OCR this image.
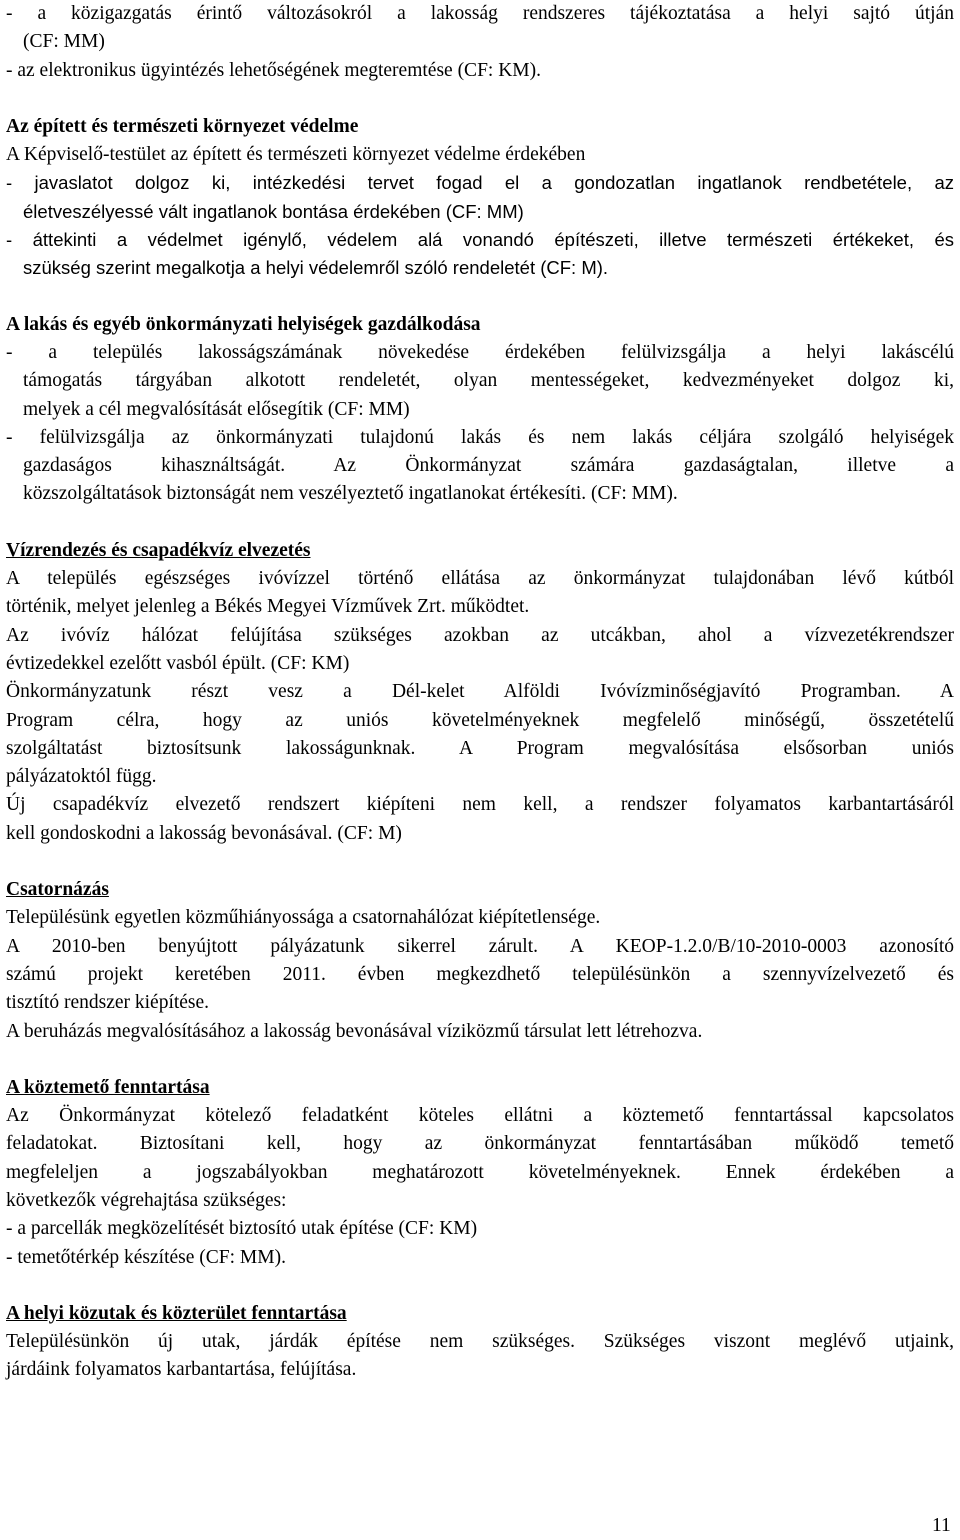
- a közigazgatás érintő változásokról a lakosság rendszeres tájékoztatása a helyi sajtó útján
(CF: MM)
- az elektronikus ügyintézés lehetőségének megteremtése (CF: KM).
Az épített és természeti környezet védelme
A Képviselő-testület az épített és természeti környezet védelme érdekében
- javaslatot dolgoz ki, intézkedési tervet fogad el a gondozatlan ingatlanok rendbetétele, az
életveszélyessé vált ingatlanok bontása érdekében (CF: MM)
- áttekinti a védelmet igénylő, védelem alá vonandó építészeti, illetve természeti értékeket, és
szükség szerint megalkotja a helyi védelemről szóló rendeletét (CF: M).
A lakás és egyéb önkormányzati helyiségek gazdálkodása
- a település lakosságszámának növekedése érdekében felülvizsgálja a helyi lakáscélú
támogatás tárgyában alkotott rendeletét, olyan mentességeket, kedvezményeket dolgoz ki,
melyek a cél megvalósítását elősegítik (CF: MM)
- felülvizsgálja az önkormányzati tulajdonú lakás és nem lakás céljára szolgáló helyiségek
gazdaságos kihasználtságát. Az Önkormányzat számára gazdaságtalan, illetve a
közszolgáltatások biztonságát nem veszélyeztető ingatlanokat értékesíti. (CF: MM).
Vízrendezés és csapadékvíz elvezetés
A település egészséges ivóvízzel történő ellátása az önkormányzat tulajdonában lévő kútból
történik, melyet jelenleg a Békés Megyei Vízművek Zrt. működtet.
Az ivóvíz hálózat felújítása szükséges azokban az utcákban, ahol a vízvezetékrendszer
évtizedekkel ezelőtt vasból épült. (CF: KM)
Önkormányzatunk részt vesz a Dél-kelet Alföldi Ivóvízminőségjavító Programban. A
Program célra, hogy az uniós követelményeknek megfelelő minőségű, összetételű
szolgáltatást biztosítsunk lakosságunknak. A Program megvalósítása elsősorban uniós
pályázatoktól függ.
Új csapadékvíz elvezető rendszert kiépíteni nem kell, a rendszer folyamatos karbantartásáról
kell gondoskodni a lakosság bevonásával. (CF: M)
Csatornázás
Településünk egyetlen közműhiányossága a csatornahálózat kiépítetlensége.
A 2010-ben benyújtott pályázatunk sikerrel zárult. A KEOP-1.2.0/B/10-2010-0003 azonosító
számú projekt keretében 2011. évben megkezdhető településünkön a szennyvízelvezető és
tisztító rendszer kiépítése.
A beruházás megvalósításához a lakosság bevonásával víziközmű társulat lett létrehozva.
A köztemető fenntartása
Az Önkormányzat kötelező feladatként köteles ellátni a köztemető fenntartással kapcsolatos
feladatokat. Biztosítani kell, hogy az önkormányzat fenntartásában működő temető
megfeleljen a jogszabályokban meghatározott követelményeknek. Ennek érdekében a
következők végrehajtása szükséges:
- a parcellák megközelítését biztosító utak építése (CF: KM)
- temetőtérkép készítése (CF: MM).
A helyi közutak és közterület fenntartása
Településünkön új utak, járdák építése nem szükséges. Szükséges viszont meglévő utjaink,
járdáink folyamatos karbantartása, felújítása.
11
